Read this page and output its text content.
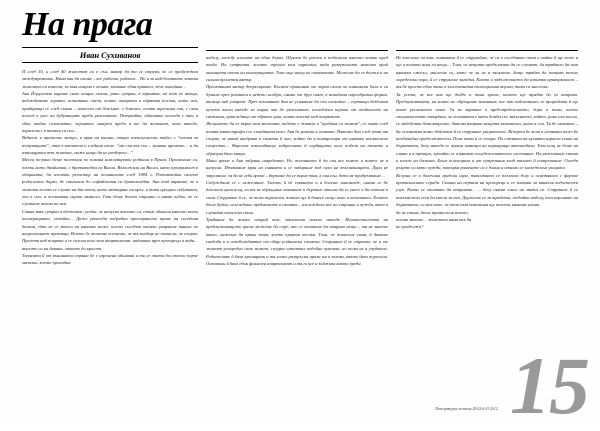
На прага
Иван Сухиванов

И след 30, и след 40 животът си е сън, макар да ти се струва, че се пробуждаш междувременно. Няма как да стане – все работа, работа… Но и за най-богатите лентяи животът си изтича; за тия нощта е опиат, казваше един приятел, вече покойник…

Аня Йерусалми караше само нощни смени; рано сутрин, в трамвая, на път за вкъщи, наблюдаваше хората, познаваше онези, които пътуваха в обратна посока, като нея, прибиращи се след смяна – невесели от безсъние, с блясъкъ, почти трескави очи, с онзи поглед в унес на будуващите преди разсъмване. Пътувайки, обменяше погледи с тях, в едно тайно съзаклятие, вероятно минути преди и те да потънат, там някъде, паралелно, в техния си сън…

Веднъж в празното метро, в края на вагона, откри плексигласово табло с "поезия за пътуващите", там в впечатли и следния стих: "от сън във сън – минава времето… и да изтанцуваш пет живота, може нищо да не разбереш…"

Месец по-рано беше посетила по покана новооткрити роднини в Прага. Приличаше си, почти като двойничка, с братовчедка си Виола. Възложили на Виола, като програмист в общината, да изготви регистър на починалите след 1984 г. Разплитайки своето родословно дърво, бе стигнала до софийската си братовчедка. Ана тъй вярваше, че в живота всичко се случва на два пъти, като затваряне на кръг, и така срещаш събитата, очи в очи, и осъзнаваш скрит замисъл. Това беше доста странно и някак чудно, че се случваше точно на нея.

Смяна тая сутрин я обезпокои: усети, че напуска тялото си, сетне обиколи няколко пъти кооперацията, летейки… Даже разгледа подробно простряното пране на съседния балкон, едва не се завеси на някакво въже, което съседът отляво укарваше винаги по националните празници. Всичко бе толкова осезаемо, че тя въобще не помисли, че сънува. Прелетя над покрива и се спусна към своя апартамент: надникна през прозореца и видя… тялото си на дивана, отвито до кръста.

Терасата й от външната страна бе с изровена обшивка и тя се опита да отлепи парче мазилка, което пропадна

надолу, между клоните на едно дърво. Шумът бе реален и подплаши няколко котки пред входа. На сутринта, когато тръгна към паркинга, видя разпръсната мазилка край външната стена на кооперацията. Това още нищо не означаваше. Можеше да се дължи и на силния пролетен вятър.

Пролетният вятър депресираше. Късаше прашинки от черни скали по планински била и ги духаше през размити в небето ноздри, сякаш от друг свят, в невидими парообразни форми, висящи над улиците. През почивните дни не успяваше да спи спокойно – глутници бездомни кучета виеха някъде из парка чак до разсъмване, шегаджии нервни от изобилието на светлина, прииждащо от едрата луна, която висеше над покривите.

Желанието да се върне към местата, където е живяла в "предния си живот", се появи след пътна катастрофа със семейната кола. Аня бе ранена в главата. Няколко дни след това тя сънува, че някой внедрява в главата й чип, който да я контролира от някакво неизвестно същество… Впрочем изненадващо издрасната й сърбящата коса побеля на темето и образува бяла ивица.

Мина време и Ана забрави инцидента. Но желанието й да спи все повече и повече не я напусна. Изчакваше края на смяната и се забираше под пуха на възглавницата. Дори не закусваше, за да не губи време – бързаше да се върне там, в оня сън, дето не придръпваше…

Събуждаше се с нежелание. Тялото й бе схванато и я болеше навсякъде, сякаш се бе блъскало цяла нощ, но тя не обръщаше внимание и бързаше отново да се унесе и да потъне в съня. Струваше й се, че този паралелен живот ще й донесе нещо ново и непознато. Когато беше будна, оглеждаше предметите в стаята – изглеждаха все по-странни и чужди, като в случайна хотелска стая.

Трябваше да живее покрай тях, заплетена неясно накъде. Неизвестността на приближаващото време можеше да спре, ако се опиташе да направи нещо – тя не знаеше какво, можеше да прави това, което правеха всички. Това, че живееше сама, й даваше свобода и я освобождаваше от общи роднински спомени. Струваше й се странно, че и те живеят успоредно своя живот, сигурно изпитвах подобни чувства, но това не я учудваше. Родителите й бяха кремирани и тя лично разпръсна праха им в залива, както бяха поръчали. Оставили й бяха един фамилен апартамент и тя го все и зайжива както преди.

Не мислеше за тях, появяваха й се струвайше, че са в съседната стая и майка й ще влезе и ще я попита иска ли нещо… Това, че нещата продължава да се случват, би трябвало да има някакъв смисъл, мислеше си, като че ли не я засягаше. Защо трябва да познава точно определени хора, й се струваше загадка. Както и задължението да изпитва привързаност – тя бе просто едно звено в злостичната еволюционна верига, така си мислеше.

Тя усети, че все пак ще дойде и това време, когато ще трябва да го направи. Предчувствията, на които не обръщаше внимание, все пак подсказваха, че природата й ще вземе решението сама. Тя не вярваше в предопределението, дори и това, което специалистите твърдяха, че психиката е като бомба със закъснител, който, рано или късно, се задейства безконтролно. Затова направи нещата механично, като в сън. Тя бе свикнала – да осъзнаваш всяко действие й се струваше уморително. Вечерта бе ясна и летният залез бе необичайно продължителен. Поне така й се стори. По стената на кухнята играеха сенки на дърветата, дочу някъде се чуваха маневри на паркиращи автомобили. Тази нощ не беше на смяна и я прекара, лутайки се в някакво полубезсъзнателно състояние. На разсъмване стана и излезе на балкона. Беше поизгоряла и от сутрешния хлад тялото й потръпваше. Огледа ръцете си като чужди, потърка раменете си с длани и отново се загледа към улицата.

Вслуша се в далечния градски шум, такситата се плъзгаха долу и осветяваха с фарове притихналите сгради. Скокна на перваза на прозореца и се захвана за някакъв водосточен улук. Какво се опитваш да направиш… – дочу сякаш гласа на майка си. Струваше й се невъзможно сега да мисли за нея. Държеше се за тръбата, гледайки надолу, към короните на дърветата, си мислеше, че този път наистина ще почети, нямаше начин

да не стане, беше премислила всичко,

почти знаеше… животът няма как да

не продължи?

15
Литературен вестник 29.02-6.03.2012
